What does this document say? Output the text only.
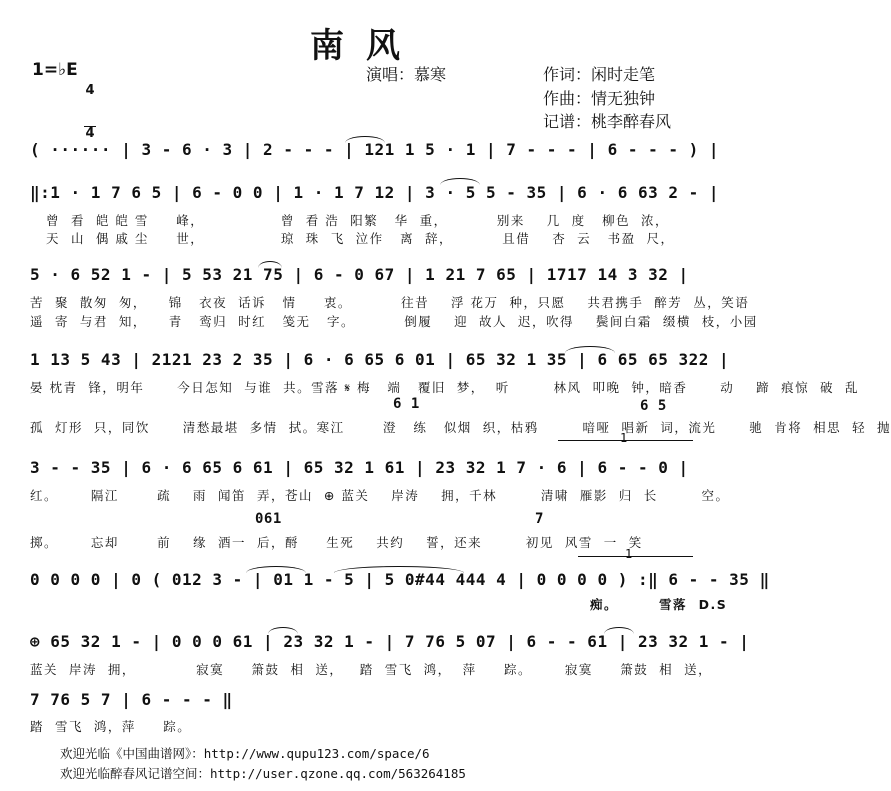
南风
1=♭E

4

4

演唱：慕寒	作词：闲时走笔
作曲：情无独钟
记谱：桃李醉春风
( ······ | 3 - 6 · 3 | 2 - - - | 121 1 5 · 1 | 7 - - - | 6 - - - ) |
‖:1 · 1 7 6 5 | 6 - 0 0 | 1 · 1 7 12 | 3 · 5 5 - 35 | 6 · 6 63 2 - |
曾  看  皑 皑 雪     峰，              曾  看 浩  阳繁   华  重，         别来    几  度   柳色  浓，
天  山  偶 戚 尘     世，              琼  珠  飞  泣作   离  辞，         且借    杏  云   书盈  尺，
5 · 6 52 1 - | 5 53 21 75 | 6 - 0 67 | 1 21 7 65 | 1717 14 3 32 |
苦  聚  散匆  匆，    锦   衣夜  话诉   情     衷。         往昔    浮 花万  种，只愿    共君携手  醉芳  丛，笑语
遥  寄  与君  知，    青   鸾归  时红   笺无   字。         倒履    迎  故人  迟，吹得    鬓间白霜  缀横  枝，小园
1 13 5 43 | 2121 23 2 35 | 6 · 6 65 6 01 | 65 32 1 35 | 6 65 65 322 |
晏 枕青  锋，明年      今日怎知  与谁  共。雪落 𝄋 梅   端   覆旧  梦，  听        林风  叩晚  钟，暗香      动    蹄  痕惊  破  乱
6 1	6 5
孤  灯形  只，同饮      清愁最堪  多情  拭。寒江       澄   练   似烟  织，枯鸦        喑哑  唱新  词，流光      驰  肯将  相思  轻  抛
1
3 - - 35 | 6 · 6 65 6 61 | 65 32 1 61 | 23 32 1 7 · 6 | 6 - - 0 |
红。      隔江       疏    雨  闻笛  弄，苍山  ⊕ 蓝关    岸涛    拥，千林        清啸  雁影  归  长        空。
061	7
掷。      忘却       前    缘  酒一  后，酹     生死    共约    誓，还来        初见  风雪  一  笑
1
0 0 0 0 | 0 ( 012 3 - | 01 1 - 5 | 5 0#44 444 4 | 0 0 0 0 ) :‖ 6 - - 35 ‖
痴。       雪落  D.S
⊕ 65 32 1 - | 0 0 0 61 | 23 32 1 - | 7 76 5 07 | 6 - - 61 | 23 32 1 - |
蓝关  岸涛  拥，           寂寞     箫鼓  相  送，   踏  雪飞  鸿，  萍     踪。      寂寞     箫鼓  相  送，
7 76 5 7 | 6 - - - ‖
踏  雪飞  鸿，萍     踪。
欢迎光临《中国曲谱网》：http://www.qupu123.com/space/6
欢迎光临醉春风记谱空间：http://user.qzone.qq.com/563264185
